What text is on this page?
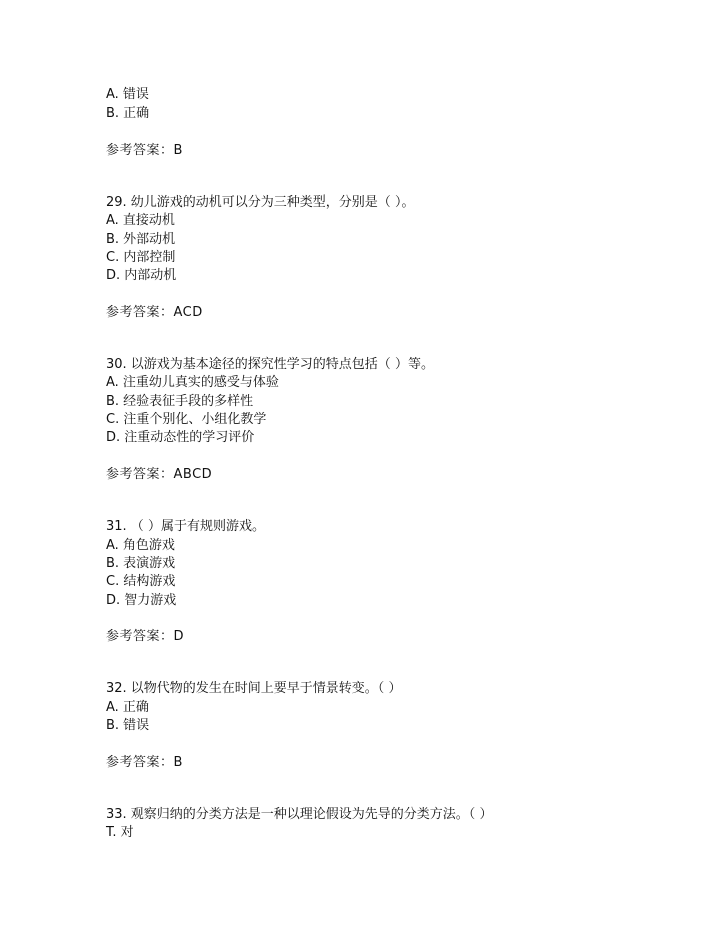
A. 错误
B. 正确
参考答案：B
29. 幼儿游戏的动机可以分为三种类型，分别是（ ）。
A. 直接动机
B. 外部动机
C. 内部控制
D. 内部动机
参考答案：ACD
30. 以游戏为基本途径的探究性学习的特点包括（ ）等。
A. 注重幼儿真实的感受与体验
B. 经验表征手段的多样性
C. 注重个别化、小组化教学
D. 注重动态性的学习评价
参考答案：ABCD
31. （ ）属于有规则游戏。
A. 角色游戏
B. 表演游戏
C. 结构游戏
D. 智力游戏
参考答案：D
32. 以物代物的发生在时间上要早于情景转变。（ ）
A. 正确
B. 错误
参考答案：B
33. 观察归纳的分类方法是一种以理论假设为先导的分类方法。（ ）
T. 对
